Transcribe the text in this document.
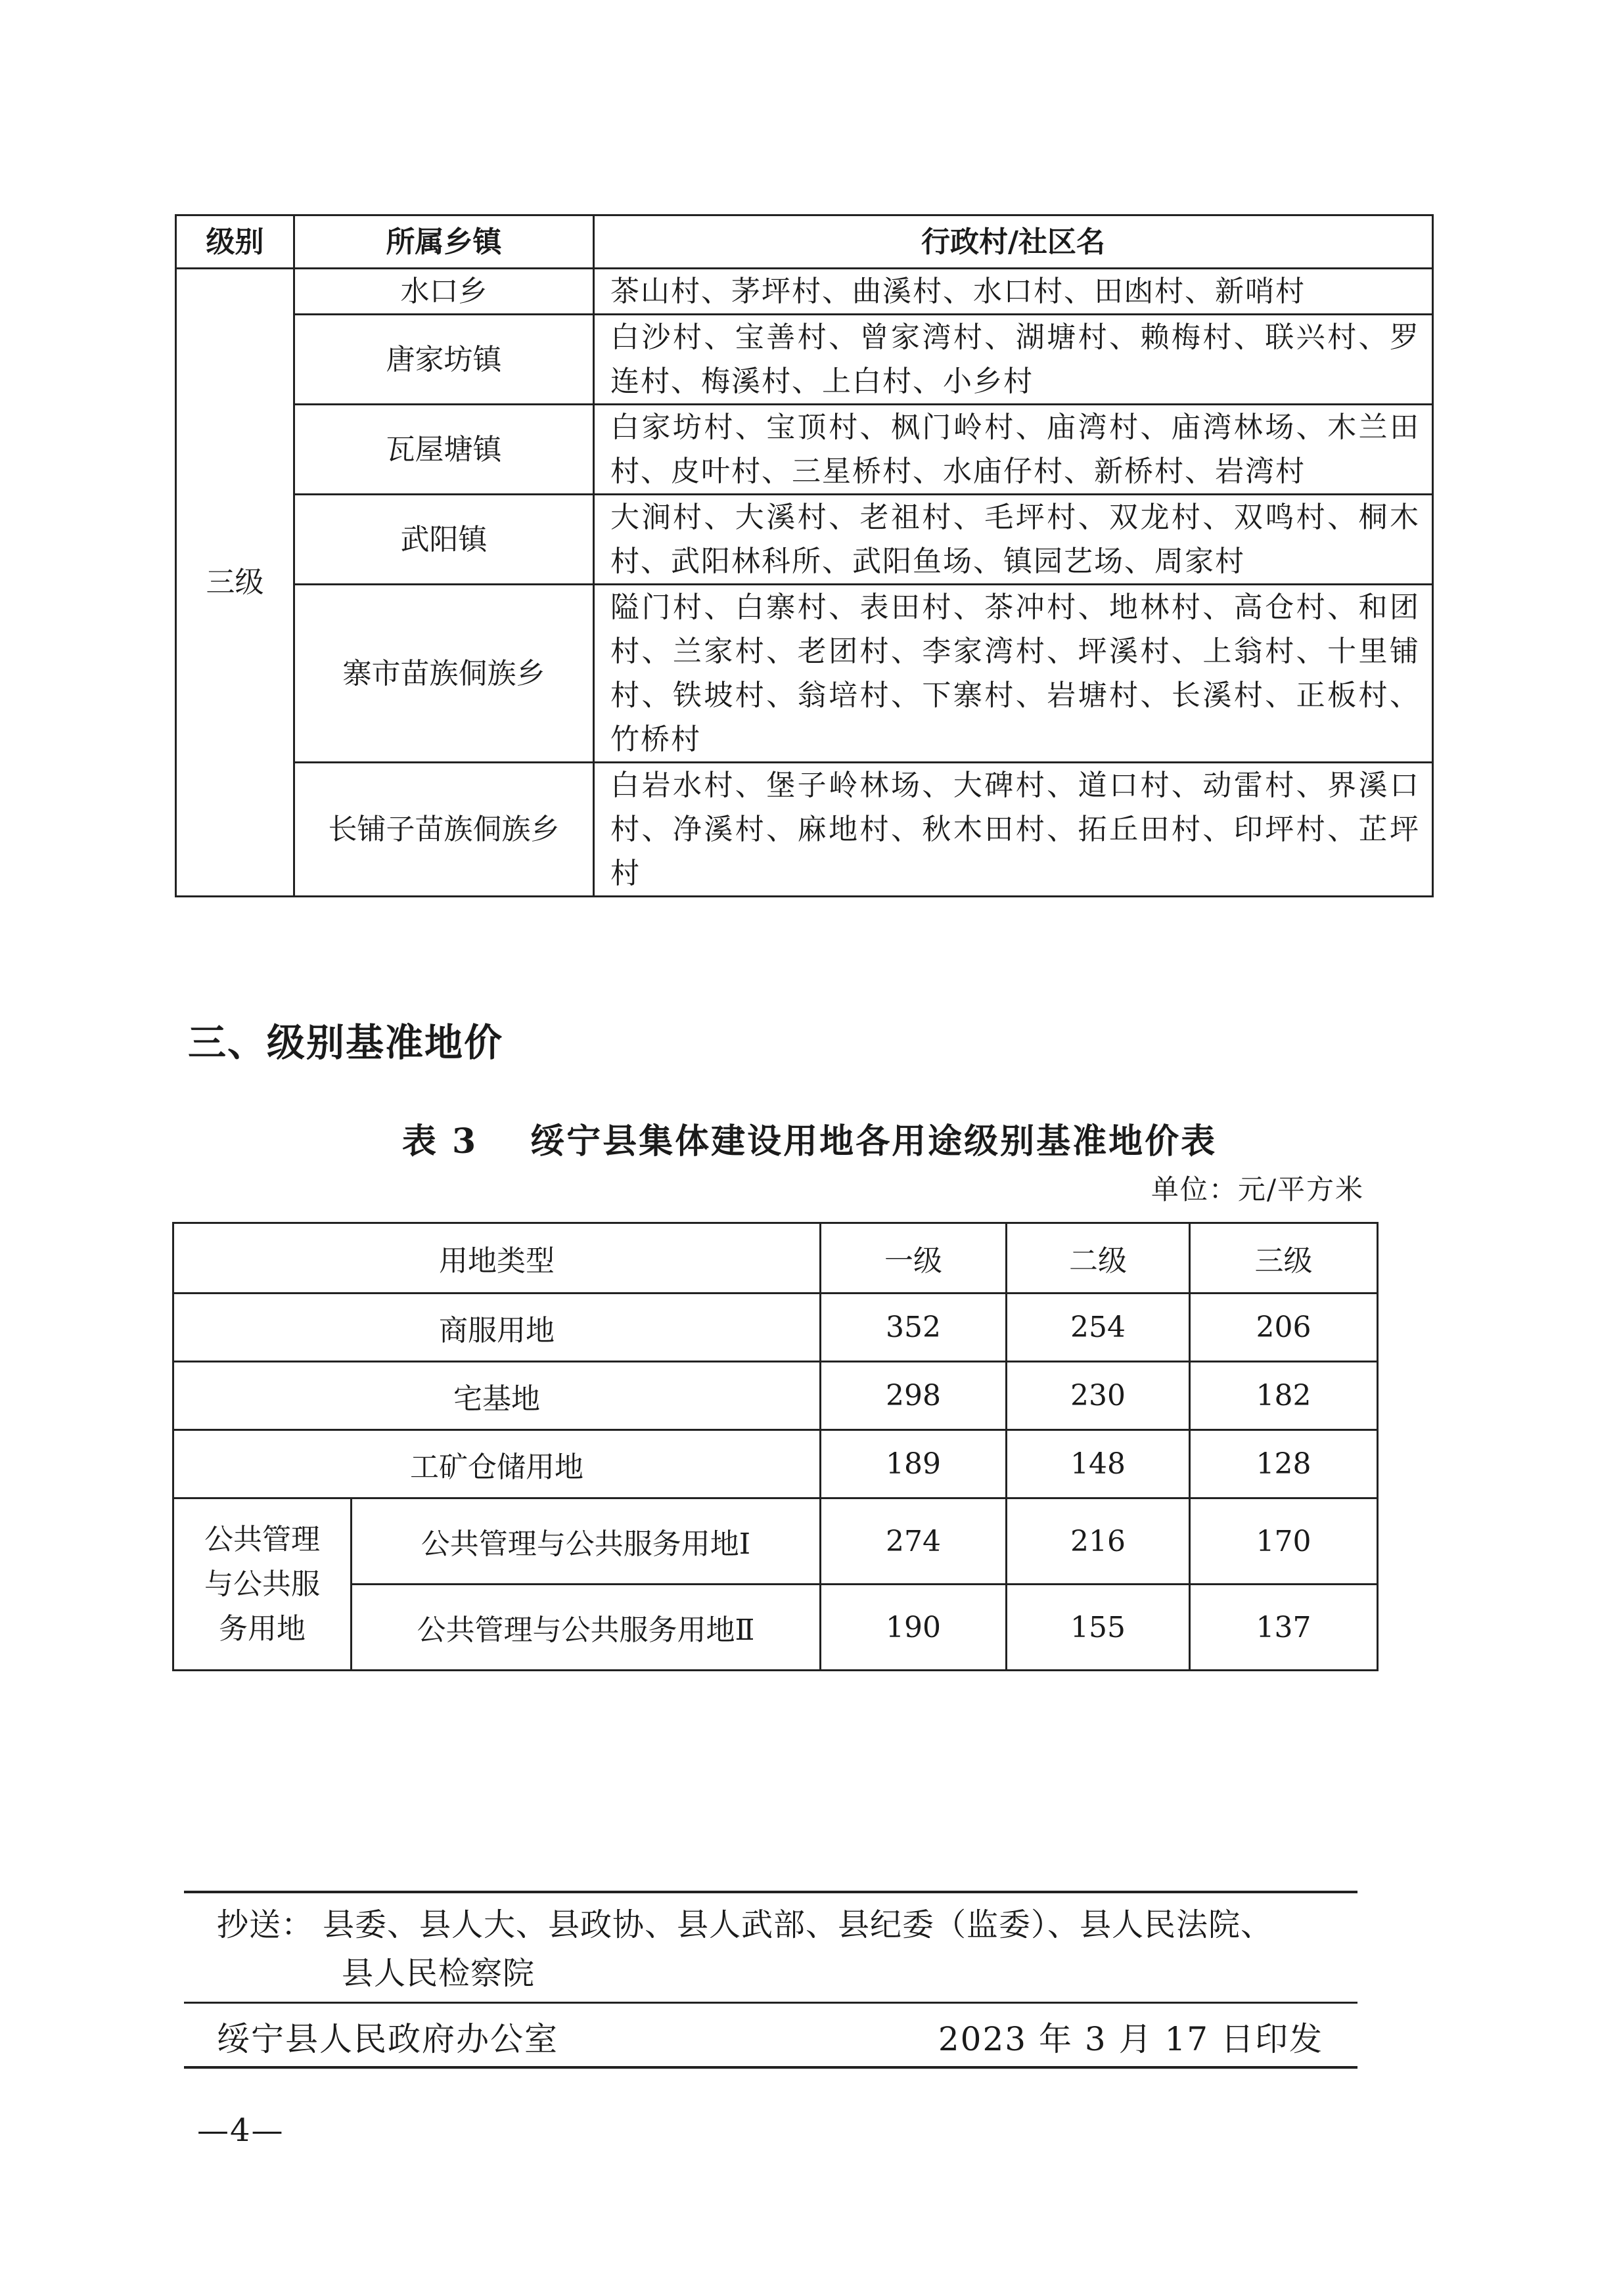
级别	所属乡镇	行政村/社区名
三级	水口乡	茶山村、茅坪村、曲溪村、水口村、田凼村、新哨村
	唐家坊镇	白沙村、宝善村、曾家湾村、湖塘村、赖梅村、联兴村、罗连村、梅溪村、上白村、小乡村
	瓦屋塘镇	白家坊村、宝顶村、枫门岭村、庙湾村、庙湾林场、木兰田村、皮叶村、三星桥村、水庙仔村、新桥村、岩湾村
	武阳镇	大涧村、大溪村、老祖村、毛坪村、双龙村、双鸣村、桐木村、武阳林科所、武阳鱼场、镇园艺场、周家村
	寨市苗族侗族乡	隘门村、白寨村、表田村、茶冲村、地林村、高仓村、和团村、兰家村、老团村、李家湾村、坪溪村、上翁村、十里铺村、铁坡村、翁培村、下寨村、岩塘村、长溪村、正板村、竹桥村
	长铺子苗族侗族乡	白岩水村、堡子岭林场、大碑村、道口村、动雷村、界溪口村、净溪村、麻地村、秋木田村、拓丘田村、印坪村、芷坪村
三、级别基准地价
表 3 绥宁县集体建设用地各用途级别基准地价表
单位：元/平方米
用地类型		一级	二级	三级
商服用地		352	254	206
宅基地		298	230	182
工矿仓储用地		189	148	128

公共管理与公共服务用地	公共管理与公共服务用地Ⅰ	274	216	170
	公共管理与公共服务用地Ⅱ	190	155	137
抄送： 县委、县人大、县政协、县人武部、县纪委（监委）、县人民法院、
县人民检察院
绥宁县人民政府办公室	2023 年 3 月 17 日印发
—4—
